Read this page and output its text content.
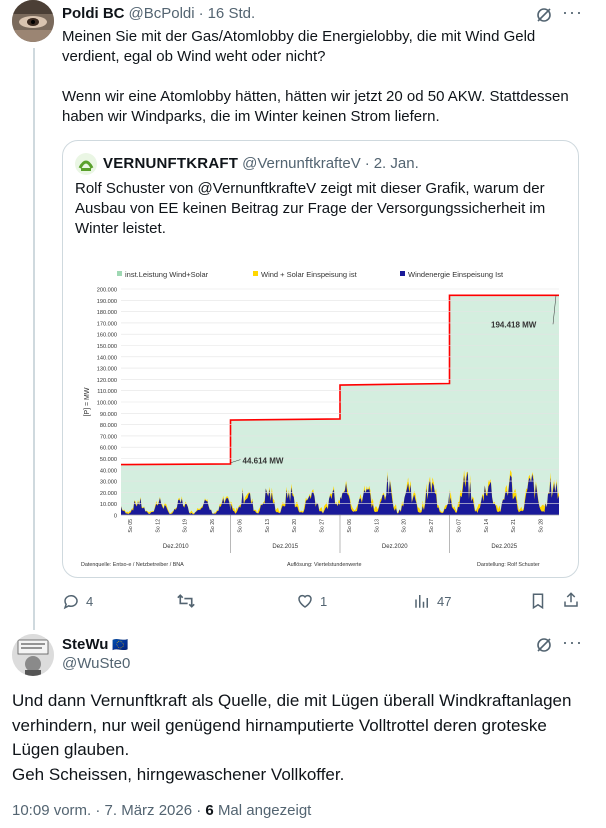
Poldi BC @BcPoldi · 16 Std.	···
Meinen Sie mit der Gas/Atomlobby die Energielobby, die mit Wind Geld verdient, egal ob Wind weht oder nicht?

Wenn wir eine Atomlobby hätten, hätten wir jetzt 20 od 50 AKW. Stattdessen haben wir Windparks, die im Winter keinen Strom liefern.
VERNUNFTKRAFT @VernunftkrafteV · 2. Jan.
Rolf Schuster von @VernunftkrafteV zeigt mit dieser Grafik, warum der Ausbau von EE keinen Beitrag zur Frage der Versorgungssicherheit im Winter leistet.
inst.Leistung Wind+Solar	Wind + Solar Einspeisung ist	Windenergie Einspeisung Ist
0
10.000
20.000
30.000
40.000
50.000
60.000
70.000
80.000
90.000
100.000
110.000
120.000
130.000
140.000
150.000
160.000
170.000
180.000
190.000
200.000
[P] = MW
So 05	So 12	So 19	So 26
Dez.2010
So 06	So 13	So 20	So 27
Dez.2015
So 06	So 13	So 20	So 27
Dez.2020
So 07	So 14	So 21	So 28
Dez.2025
44.614 MW
194.418 MW
Datenquelle: Entso-e / Netzbetreiber / BNA	Auflösung: Viertelstundenwerte	Darstellung: Rolf Schuster
4	1	47
SteWu 🇪🇺
@WuSte0
···
Und dann Vernunftkraft als Quelle, die mit Lügen überall Windkraftanlagen verhindern, nur weil genügend hirnamputierte Volltrottel deren groteske Lügen glauben.
Geh Scheissen, hirngewaschener Vollkoffer.
10:09 vorm. · 7. März 2026 · 6 Mal angezeigt
